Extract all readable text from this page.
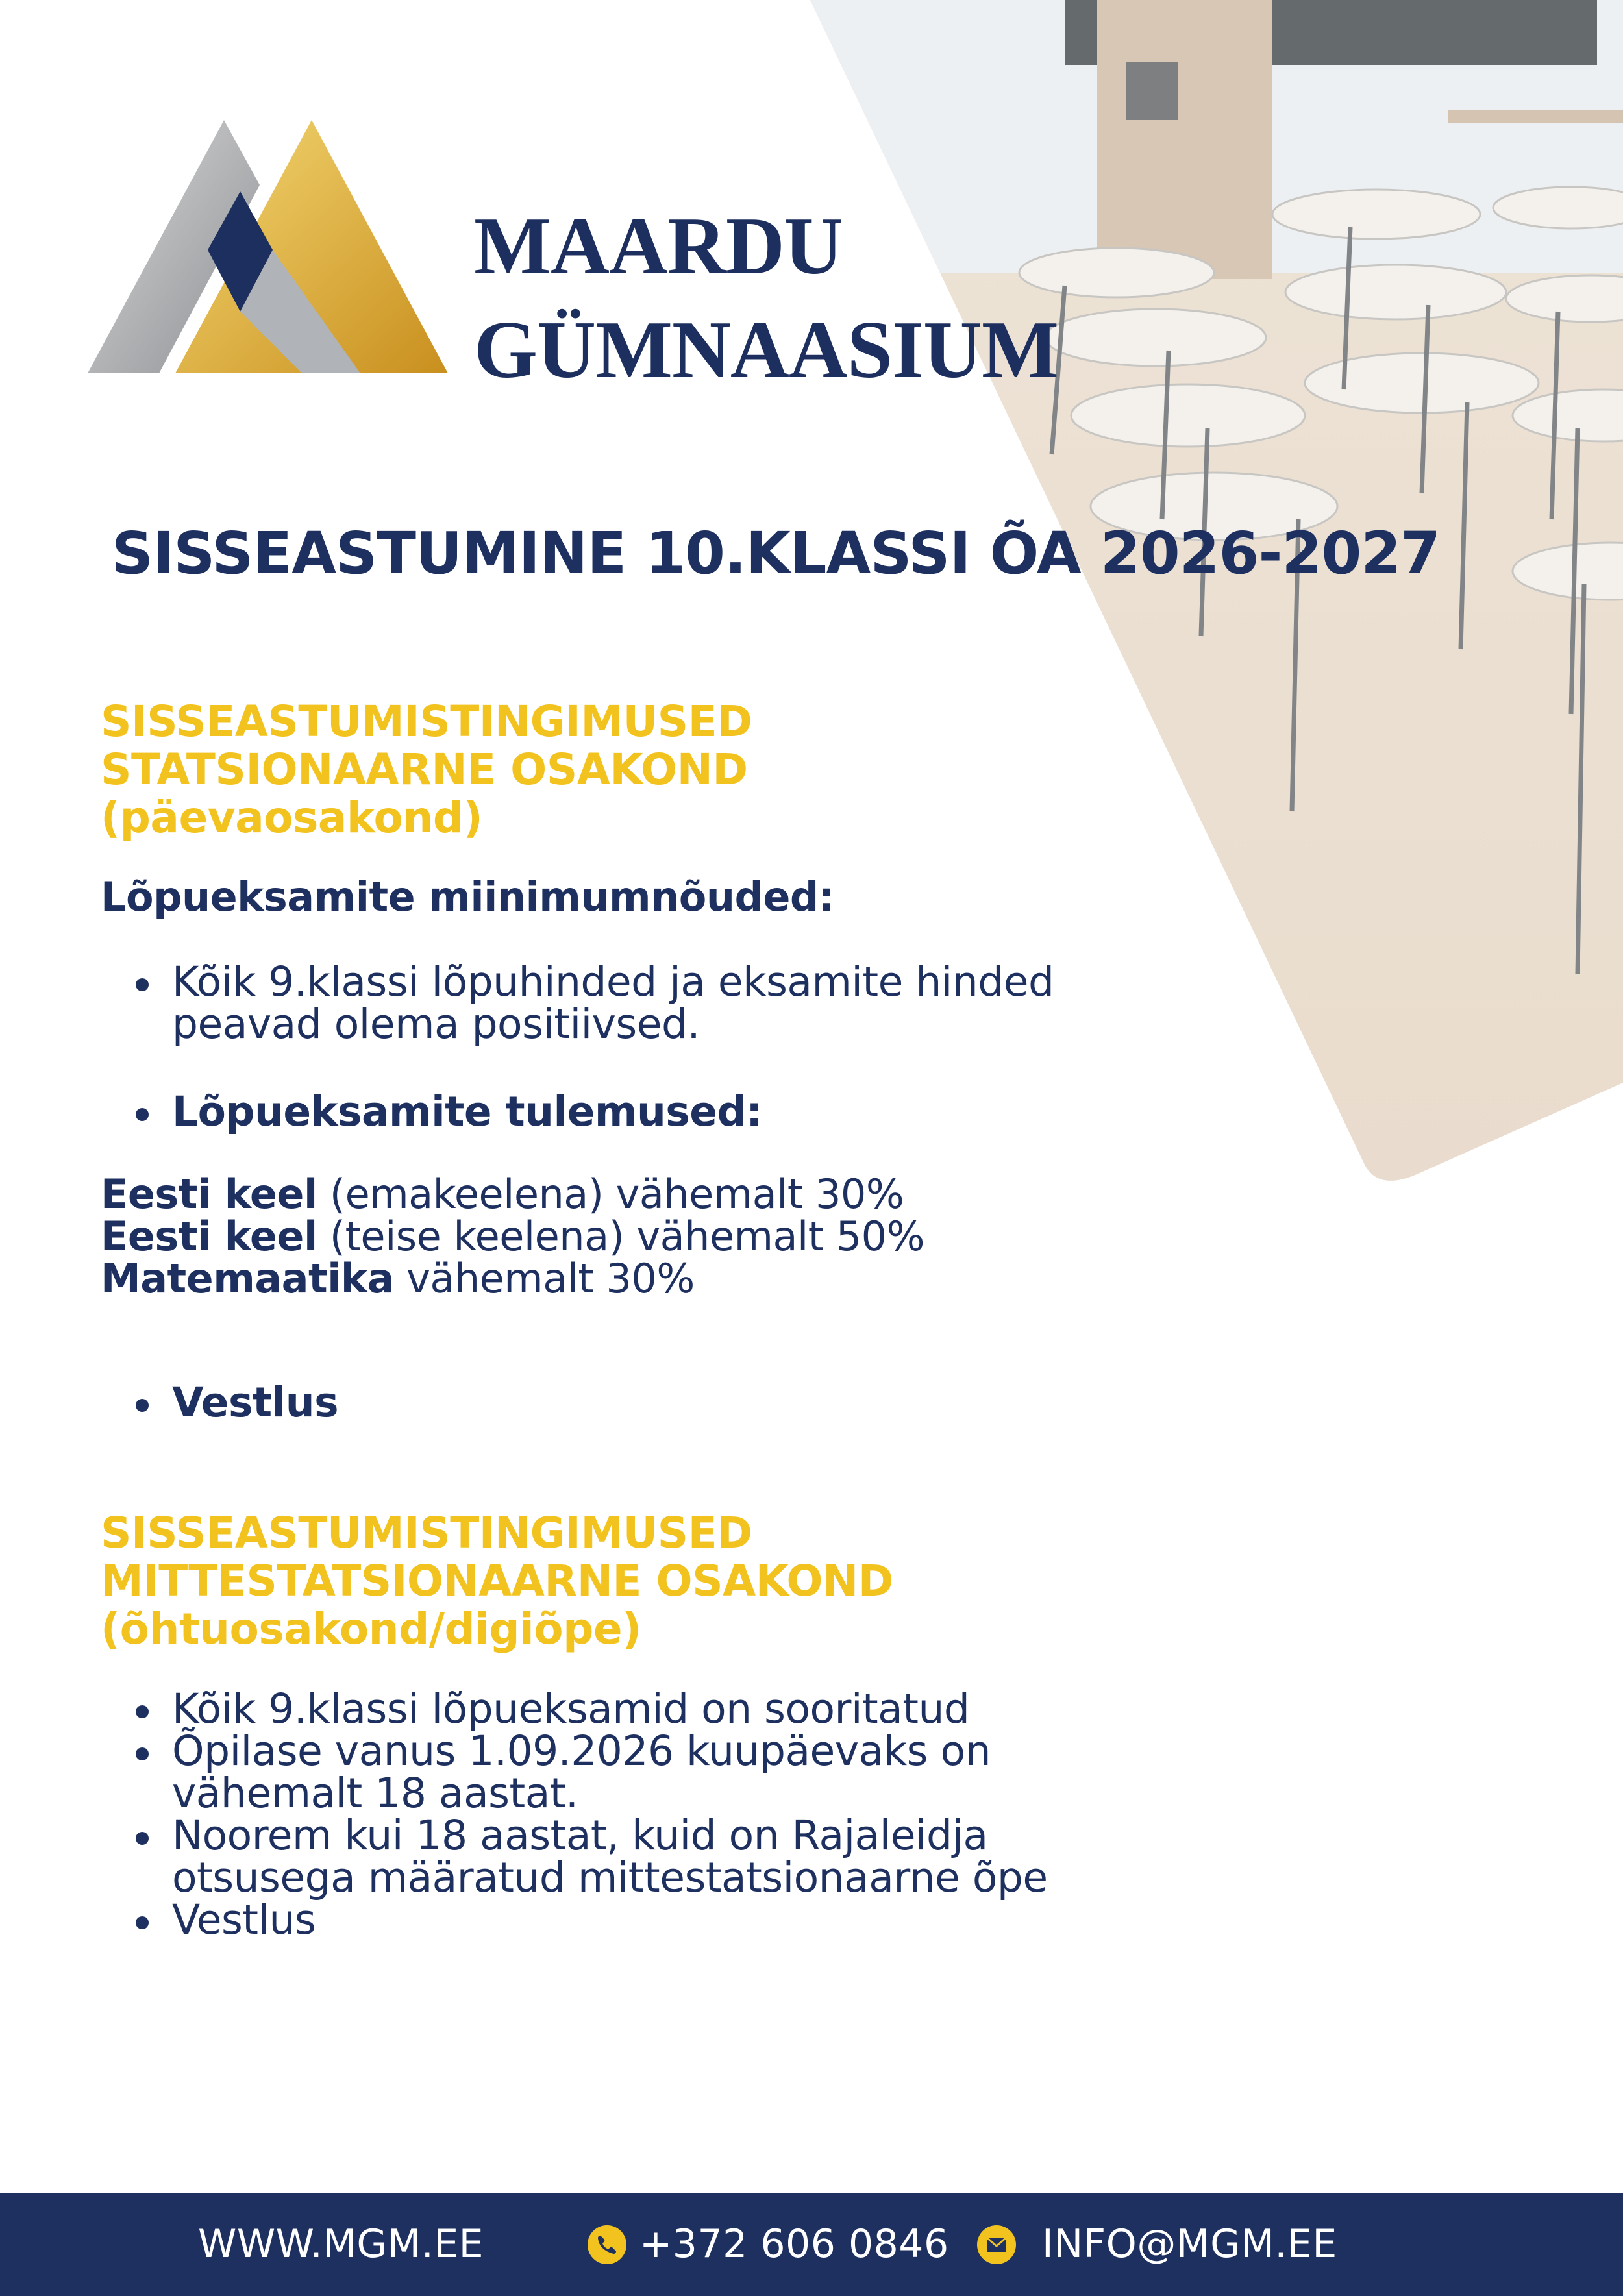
MAARDU
GÜMNAASIUM
SISSEASTUMINE 10.KLASSI ÕA 2026-2027
SISSEASTUMISTINGIMUSED
STATSIONAARNE OSAKOND
(päevaosakond)
Lõpueksamite miinimumnõuded:
Kõik 9.klassi lõpuhinded ja eksamite hinded
peavad olema positiivsed.
Lõpueksamite tulemused:
Eesti keel (emakeelena) vähemalt 30%
Eesti keel (teise keelena) vähemalt 50%
Matemaatika vähemalt 30%
Vestlus
SISSEASTUMISTINGIMUSED
MITTESTATSIONAARNE OSAKOND
(õhtuosakond/digiõpe)
Kõik 9.klassi lõpueksamid on sooritatud
Õpilase vanus 1.09.2026 kuupäevaks on
vähemalt 18 aastat.
Noorem kui 18 aastat, kuid on Rajaleidja
otsusega määratud mittestatsionaarne õpe
Vestlus
WWW.MGM.EE	+372 606 0846 INFO@MGM.EE
